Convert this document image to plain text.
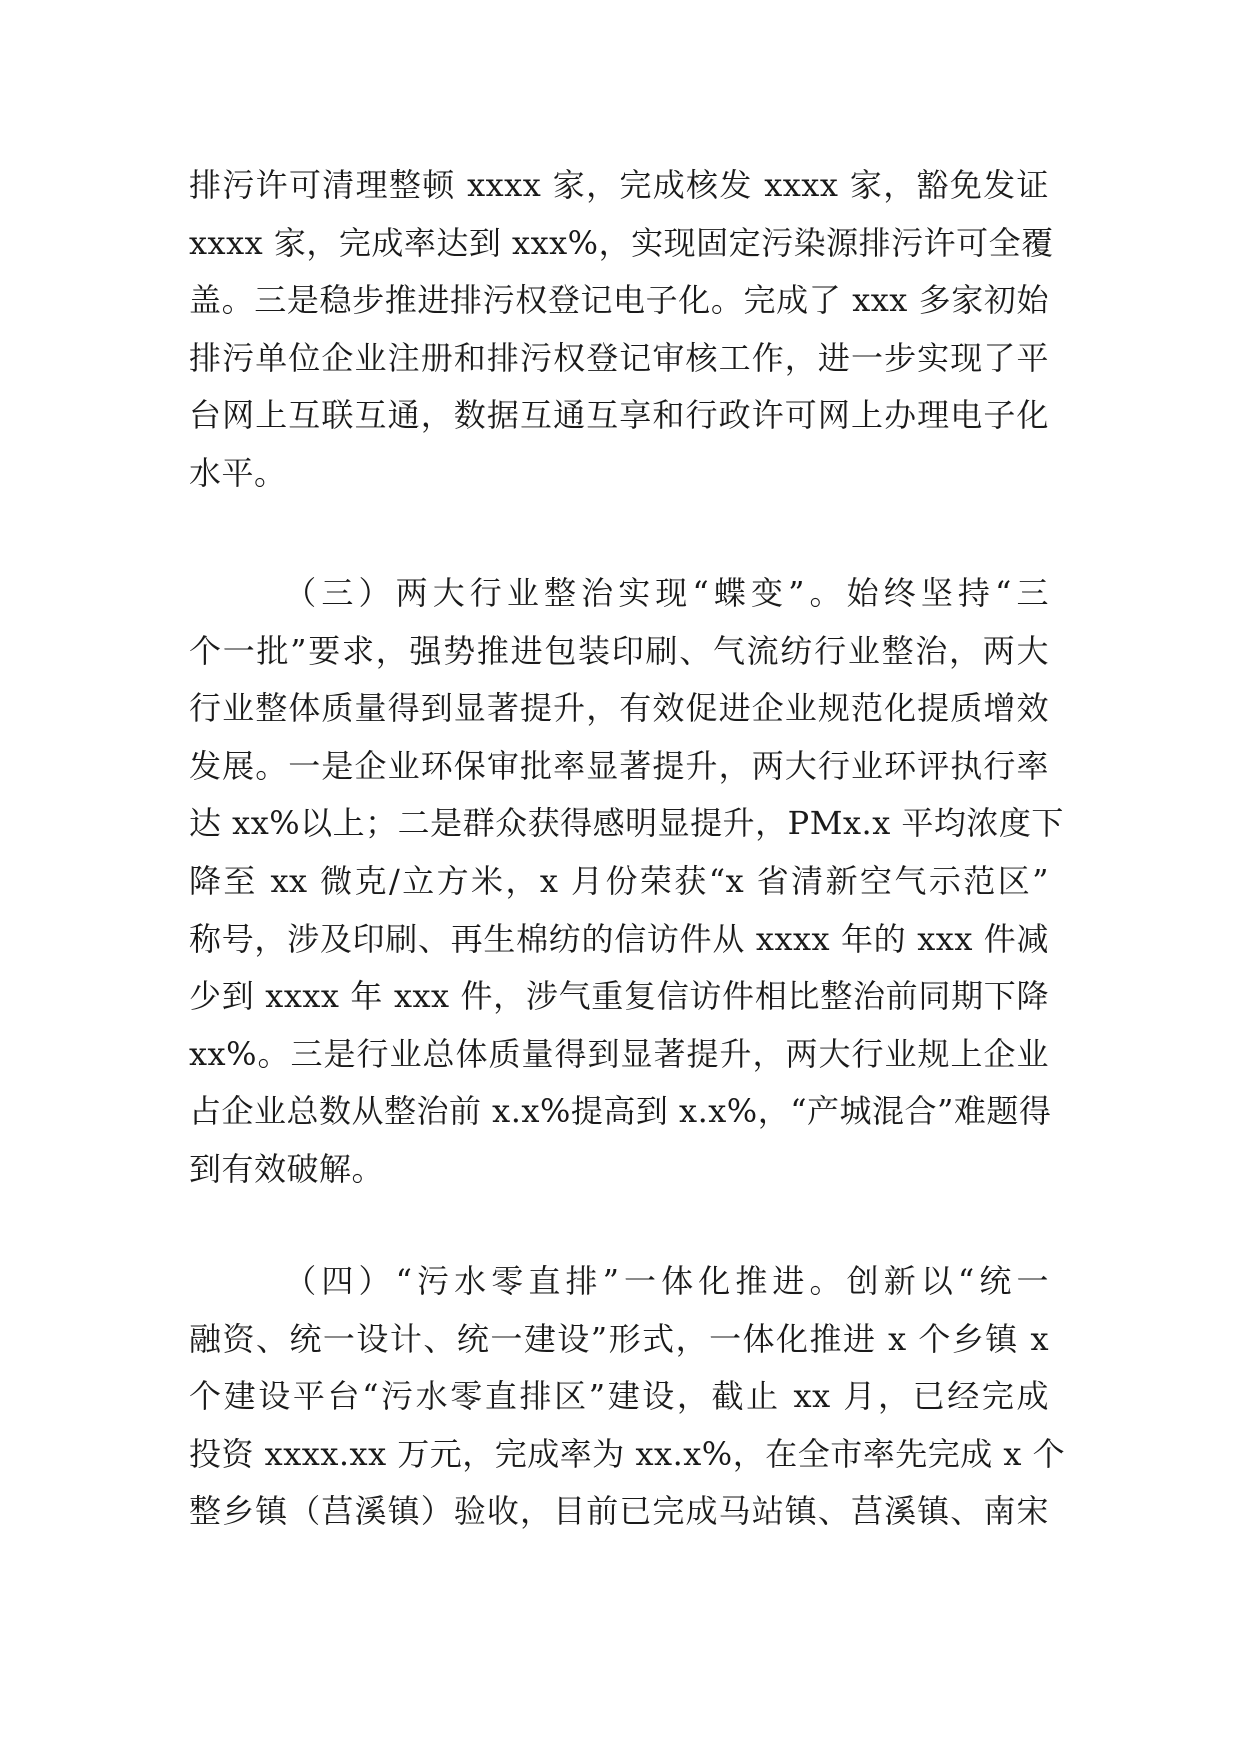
排污许可清理整顿 xxxx 家，完成核发 xxxx 家，豁免发证
xxxx 家，完成率达到 xxx%，实现固定污染源排污许可全覆
盖。三是稳步推进排污权登记电子化。完成了 xxx 多家初始
排污单位企业注册和排污权登记审核工作，进一步实现了平
台网上互联互通，数据互通互享和行政许可网上办理电子化
水平。
　　　（三）两大行业整治实现“蝶变”。始终坚持“三
个一批”要求，强势推进包装印刷、气流纺行业整治，两大
行业整体质量得到显著提升，有效促进企业规范化提质增效
发展。一是企业环保审批率显著提升，两大行业环评执行率
达 xx%以上；二是群众获得感明显提升，PMx.x 平均浓度下
降至 xx 微克/立方米，x 月份荣获“x 省清新空气示范区”
称号，涉及印刷、再生棉纺的信访件从 xxxx 年的 xxx 件减
少到 xxxx 年 xxx 件，涉气重复信访件相比整治前同期下降
xx%。三是行业总体质量得到显著提升，两大行业规上企业
占企业总数从整治前 x.x%提高到 x.x%，“产城混合”难题得
到有效破解。
　　　（四）“污水零直排”一体化推进。创新以“统一
融资、统一设计、统一建设”形式，一体化推进 x 个乡镇 x
个建设平台“污水零直排区”建设，截止 xx 月，已经完成
投资 xxxx.xx 万元，完成率为 xx.x%，在全市率先完成 x 个
整乡镇（莒溪镇）验收，目前已完成马站镇、莒溪镇、南宋
